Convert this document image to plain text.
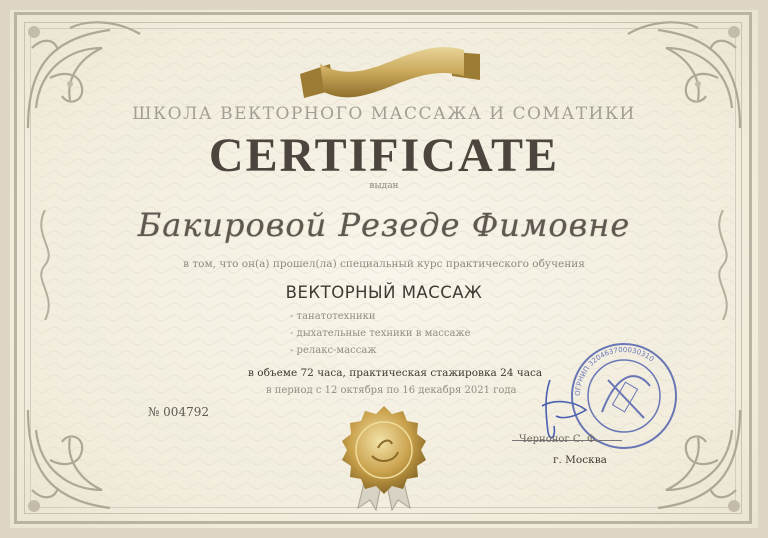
ШКОЛА ВЕКТОРНОГО МАССАЖА И СОМАТИКИ

CERTIFICATE

выдан

Бакировой Резеде Фимовне

в том, что он(а) прошел(ла) специальный курс практического обучения

ВЕКТОРНЫЙ МАССАЖ

- танатотехники
- дыхательные техники в массаже
- релакс-массаж
в объеме 72 часа, практическая стажировка 24 часа
в период с 12 октября по 16 декабря 2021 года
№ 004792
ОГРНИП 320463700030310
Черноног С. Ф.
г. Москва
